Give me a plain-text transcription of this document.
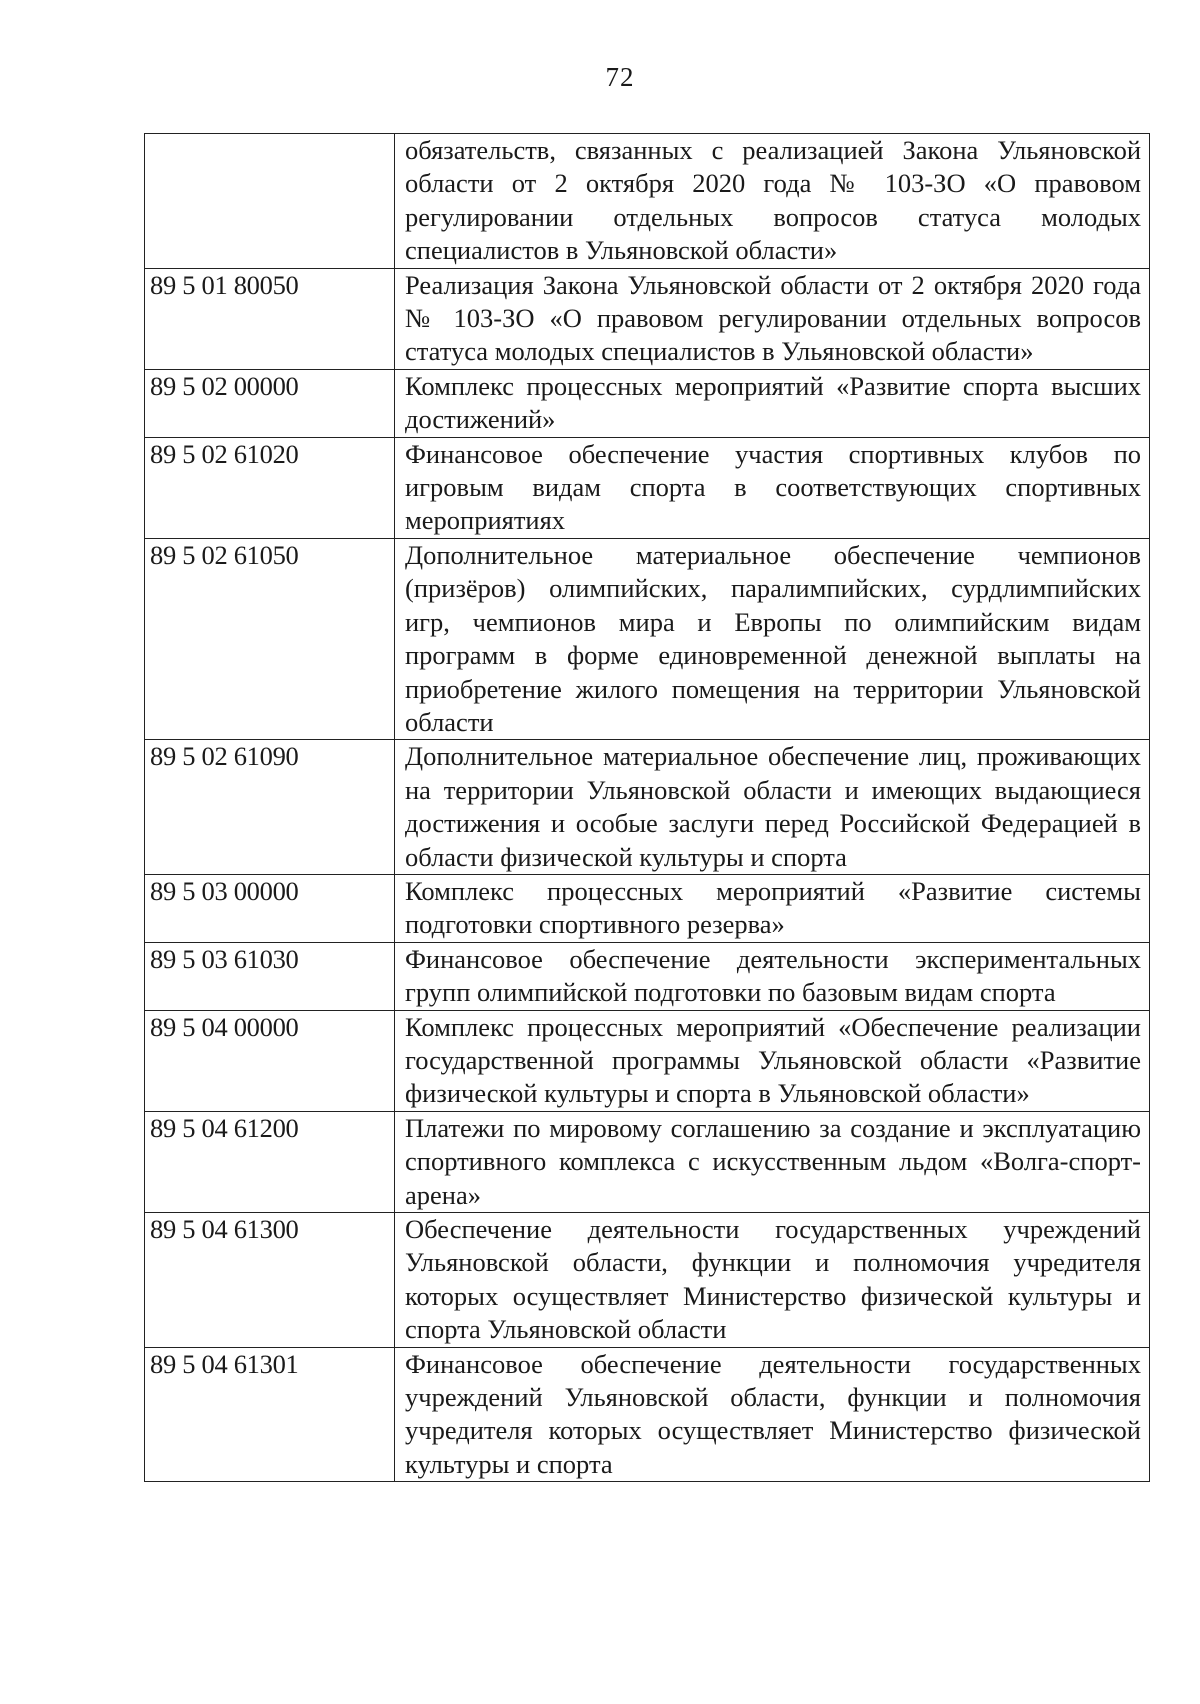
72
	обязательств, связанных с реализацией Закона Ульяновской области от 2 октября 2020 года № 103-ЗО «О правовом регулировании отдельных вопросов статуса молодых специалистов в Ульяновской области»
89 5 01 80050	Реализация Закона Ульяновской области от 2 октября 2020 года № 103-ЗО «О правовом регулировании отдельных вопросов статуса молодых специалистов в Ульяновской области»
89 5 02 00000	Комплекс процессных мероприятий «Развитие спорта высших достижений»
89 5 02 61020	Финансовое обеспечение участия спортивных клубов по игровым видам спорта в соответствующих спортивных мероприятиях
89 5 02 61050	Дополнительное материальное обеспечение чемпионов (призёров) олимпийских, паралимпийских, сурдлимпийских игр, чемпионов мира и Европы по олимпийским видам программ в форме единовременной денежной выплаты на приобретение жилого помещения на территории Ульяновской области
89 5 02 61090	Дополнительное материальное обеспечение лиц, проживающих на территории Ульяновской области и имеющих выдающиеся достижения и особые заслуги перед Российской Федерацией в области физической культуры и спорта
89 5 03 00000	Комплекс процессных мероприятий «Развитие системы подготовки спортивного резерва»
89 5 03 61030	Финансовое обеспечение деятельности экспериментальных групп олимпийской подготовки по базовым видам спорта
89 5 04 00000	Комплекс процессных мероприятий «Обеспечение реализации государственной программы Ульяновской области «Развитие физической культуры и спорта в Ульяновской области»
89 5 04 61200	Платежи по мировому соглашению за создание и эксплуатацию спортивного комплекса с искусственным льдом «Волга-спорт-арена»
89 5 04 61300	Обеспечение деятельности государственных учреждений Ульяновской области, функции и полномочия учредителя которых осуществляет Министерство физической культуры и спорта Ульяновской области
89 5 04 61301	Финансовое обеспечение деятельности государственных учреждений Ульяновской области, функции и полномочия учредителя которых осуществляет Министерство физической культуры и спорта
